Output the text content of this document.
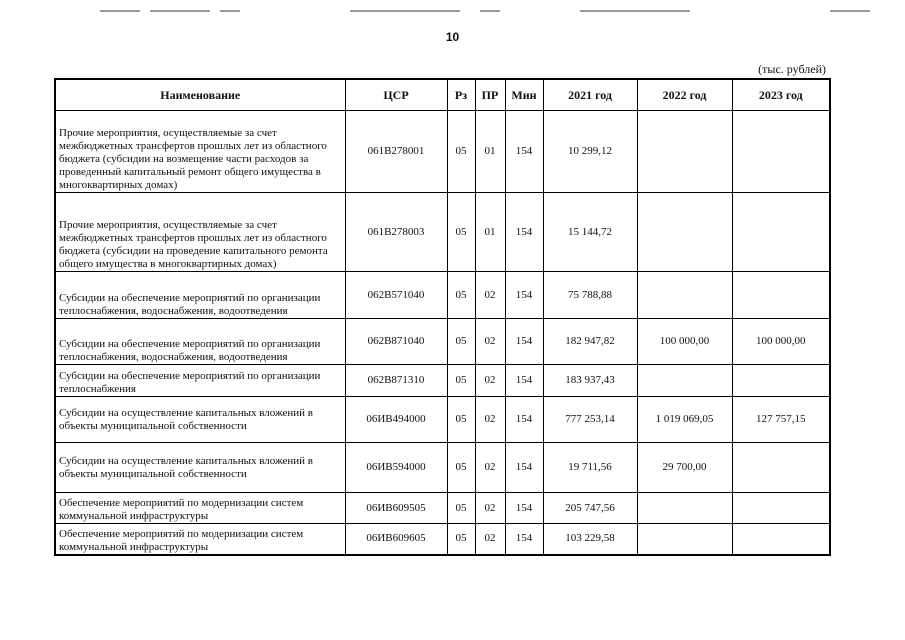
10
(тыс. рублей)
Наименование	ЦСР	Рз	ПР	Мин	2021 год	2022 год	2023 год
Прочие мероприятия, осуществляемые за счет межбюджетных трансфертов прошлых лет из областного бюджета (субсидии на возмещение части расходов за проведенный капитальный ремонт общего имущества в многоквартирных домах)	061B278001	05	01	154	10 299,12		
Прочие мероприятия, осуществляемые за счет межбюджетных трансфертов прошлых лет из областного бюджета (субсидии на проведение капитального ремонта общего имущества в многоквартирных домах)	061B278003	05	01	154	15 144,72		
Субсидии на обеспечение мероприятий по организации теплоснабжения, водоснабжения, водоотведения	062B571040	05	02	154	75 788,88		
Субсидии на обеспечение мероприятий по организации теплоснабжения, водоснабжения, водоотведения	062B871040	05	02	154	182 947,82	100 000,00	100 000,00
Субсидии на обеспечение мероприятий по организации теплоснабжения	062B871310	05	02	154	183 937,43		
Субсидии на осуществление капитальных вложений в объекты муниципальной собственности	06ИВ494000	05	02	154	777 253,14	1 019 069,05	127 757,15
Субсидии на осуществление капитальных вложений в объекты муниципальной собственности	06ИВ594000	05	02	154	19 711,56	29 700,00	
Обеспечение мероприятий по модернизации систем коммунальной инфраструктуры	06ИВ609505	05	02	154	205 747,56		
Обеспечение мероприятий по модернизации систем коммунальной инфраструктуры	06ИВ609605	05	02	154	103 229,58		
